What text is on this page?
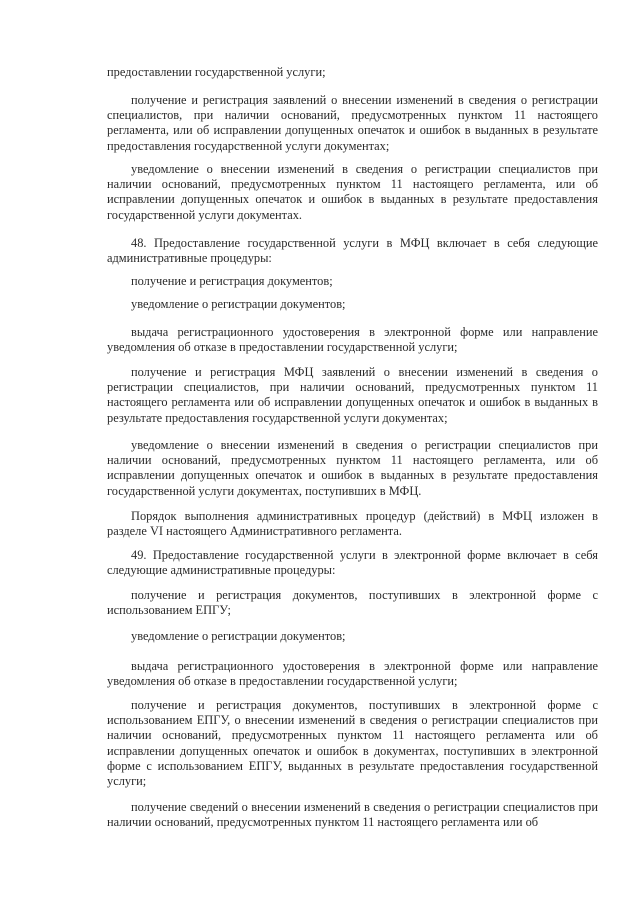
предоставлении государственной услуги;

получение и регистрация заявлений о внесении изменений в сведения о регистрации специалистов, при наличии оснований, предусмотренных пунктом 11 настоящего регламента, или об исправлении допущенных опечаток и ошибок в выданных в результате предоставления государственной услуги документах;

уведомление о внесении изменений в сведения о регистрации специалистов при наличии оснований, предусмотренных пунктом 11 настоящего регламента, или об исправлении допущенных опечаток и ошибок в выданных в результате предоставления государственной услуги документах.

48. Предоставление государственной услуги в МФЦ включает в себя следующие административные процедуры:

получение и регистрация документов;

уведомление о регистрации документов;

выдача регистрационного удостоверения в электронной форме или направление уведомления об отказе в предоставлении государственной услуги;

получение и регистрация МФЦ заявлений о внесении изменений в сведения о регистрации специалистов, при наличии оснований, предусмотренных пунктом 11 настоящего регламента или об исправлении допущенных опечаток и ошибок в выданных в результате предоставления государственной услуги документах;

уведомление о внесении изменений в сведения о регистрации специалистов при наличии оснований, предусмотренных пунктом 11 настоящего регламента, или об исправлении допущенных опечаток и ошибок в выданных в результате предоставления государственной услуги документах, поступивших в МФЦ.

Порядок выполнения административных процедур (действий) в МФЦ изложен в разделе VI настоящего Административного регламента.

49. Предоставление государственной услуги в электронной форме включает в себя следующие административные процедуры:

получение и регистрация документов, поступивших в электронной форме с использованием ЕПГУ;

уведомление о регистрации документов;

выдача регистрационного удостоверения в электронной форме или направление уведомления об отказе в предоставлении государственной услуги;

получение и регистрация документов, поступивших в электронной форме с использованием ЕПГУ, о внесении изменений в сведения о регистрации специалистов при наличии оснований, предусмотренных пунктом 11 настоящего регламента или об исправлении допущенных опечаток и ошибок в документах, поступивших в электронной форме с использованием ЕПГУ, выданных в результате предоставления государственной услуги;

получение сведений о внесении изменений в сведения о регистрации специалистов при наличии оснований, предусмотренных пунктом 11 настоящего регламента или об
